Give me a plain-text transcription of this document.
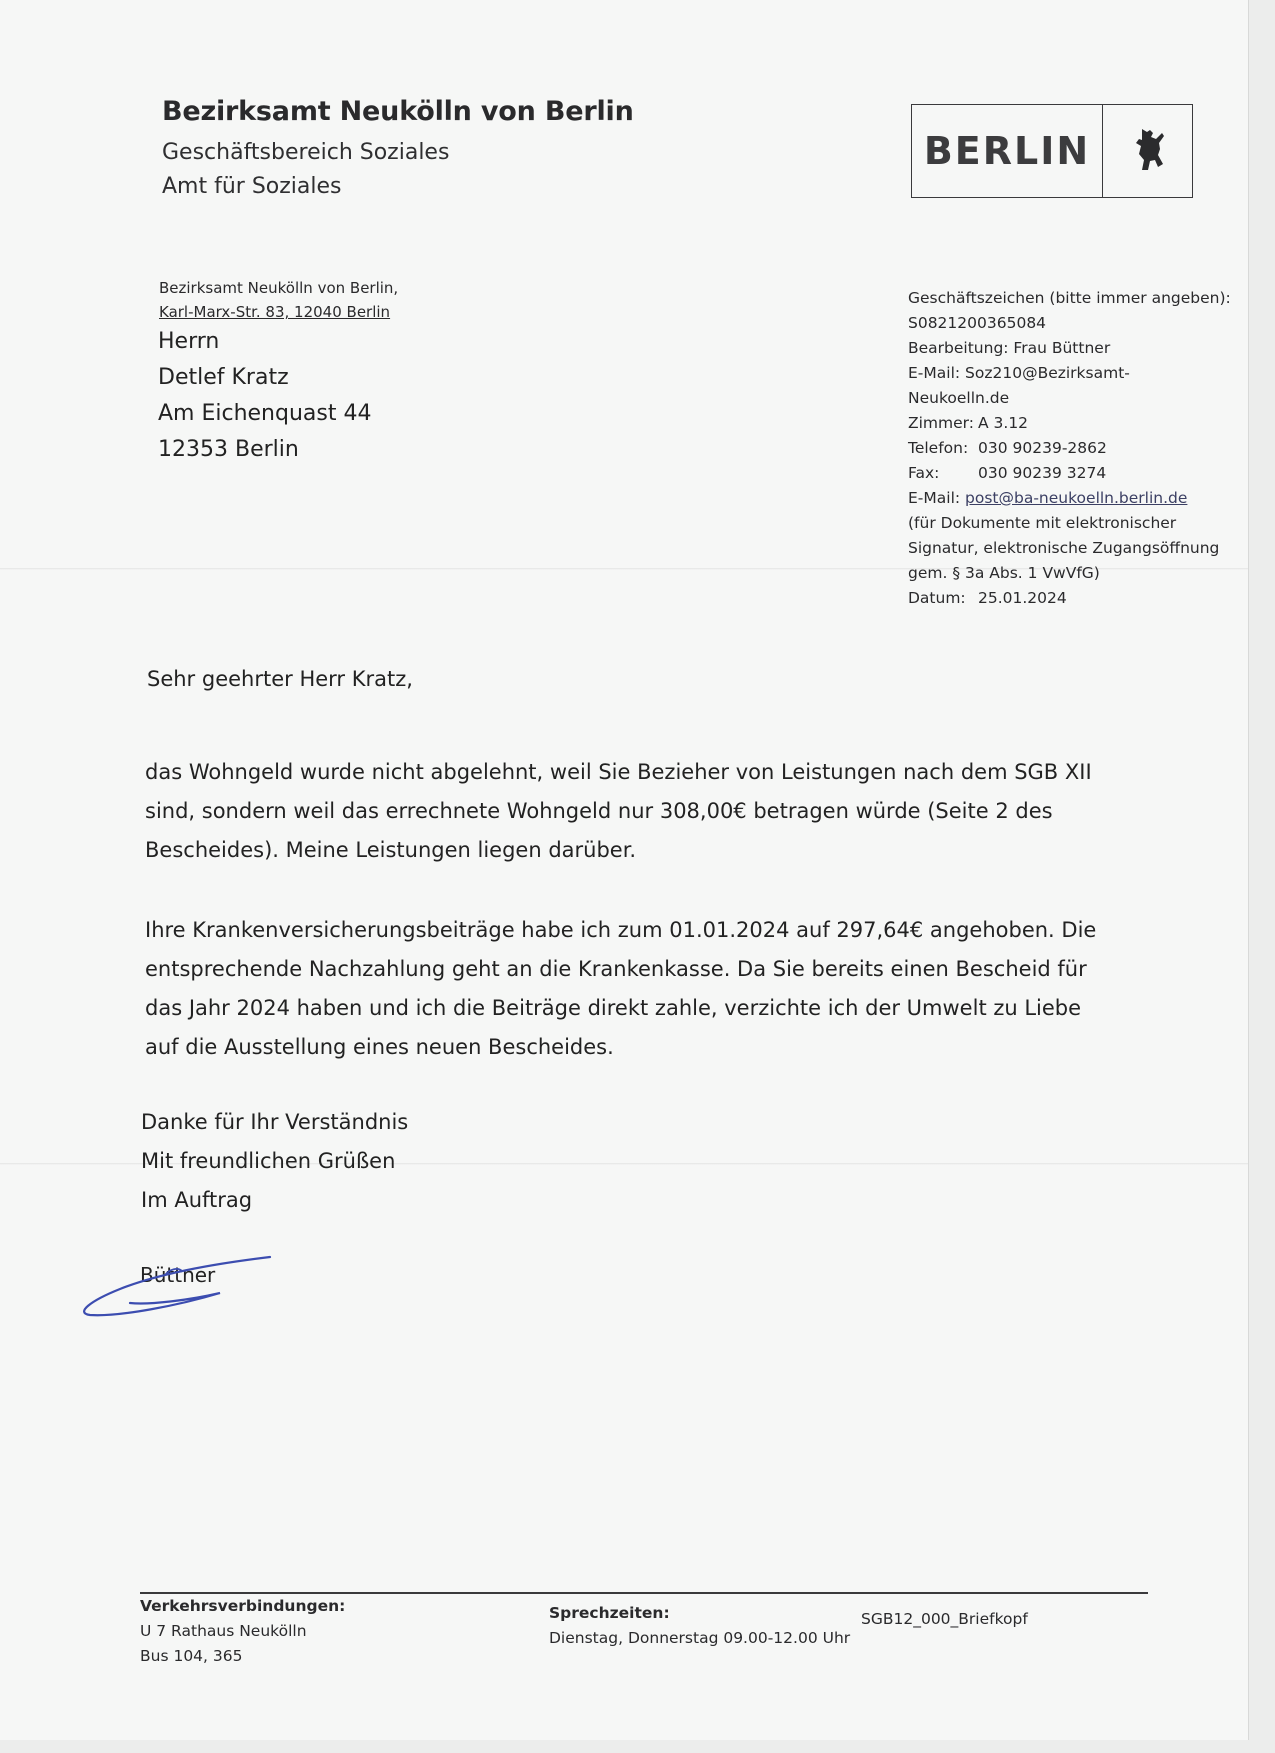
Bezirksamt Neukölln von Berlin
Geschäftsbereich Soziales
Amt für Soziales
BERLIN
Bezirksamt Neukölln von Berlin,
Karl-Marx-Str. 83, 12040 Berlin
Herrn
Detlef Kratz
Am Eichenquast 44
12353 Berlin
Geschäftszeichen (bitte immer angeben):
S0821200365084
Bearbeitung: Frau Büttner
E-Mail: Soz210@Bezirksamt-
Neukoelln.de
Zimmer: A 3.12
Telefon: 030 90239-2862
Fax:	030 90239 3274
E-Mail:
post@ba-neukoelln.berlin.de
(für Dokumente mit elektronischer
Signatur, elektronische Zugangsöffnung
gem. § 3a Abs. 1 VwVfG)
Datum: 25.01.2024
Sehr geehrter Herr Kratz,
das Wohngeld wurde nicht abgelehnt, weil Sie Bezieher von Leistungen nach dem SGB XII
sind, sondern weil das errechnete Wohngeld nur 308,00€ betragen würde (Seite 2 des
Bescheides). Meine Leistungen liegen darüber.
Ihre Krankenversicherungsbeiträge habe ich zum 01.01.2024 auf 297,64€ angehoben. Die
entsprechende Nachzahlung geht an die Krankenkasse. Da Sie bereits einen Bescheid für
das Jahr 2024 haben und ich die Beiträge direkt zahle, verzichte ich der Umwelt zu Liebe
auf die Ausstellung eines neuen Bescheides.
Danke für Ihr Verständnis
Mit freundlichen Grüßen
Im Auftrag
Büttner
Verkehrsverbindungen:
U 7 Rathaus Neukölln
Bus 104, 365
Sprechzeiten:
Dienstag, Donnerstag 09.00-12.00 Uhr
SGB12_000_Briefkopf
